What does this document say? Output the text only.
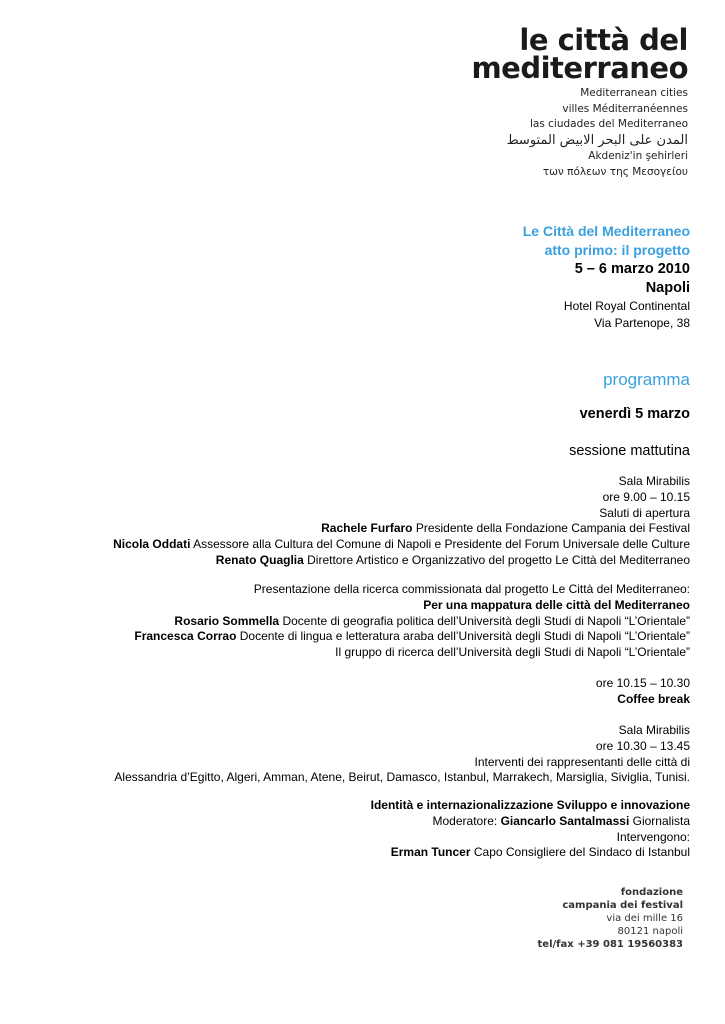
le città del
mediterraneo
Mediterranean cities
villes Méditerranéennes
las ciudades del Mediterraneo
المدن على البحر الابيض المتوسط
Akdeniz'in şehirleri
των πόλεων της Μεσογείου
Le Città del Mediterraneo
atto primo: il progetto
5 – 6 marzo 2010
Napoli
Hotel Royal Continental
Via Partenope, 38
programma
venerdì 5 marzo
sessione mattutina
Sala Mirabilis
ore 9.00 – 10.15
Saluti di apertura
Rachele Furfaro Presidente della Fondazione Campania dei Festival
Nicola Oddati Assessore alla Cultura del Comune di Napoli e Presidente del Forum Universale delle Culture
Renato Quaglia Direttore Artistico e Organizzativo del progetto Le Città del Mediterraneo
Presentazione della ricerca commissionata dal progetto Le Città del Mediterraneo:
Per una mappatura delle città del Mediterraneo
Rosario Sommella Docente di geografia politica dell’Università degli Studi di Napoli “L’Orientale”
Francesca Corrao Docente di lingua e letteratura araba dell’Università degli Studi di Napoli “L’Orientale”
Il gruppo di ricerca dell’Università degli Studi di Napoli “L’Orientale”
ore 10.15 – 10.30
Coffee break
Sala Mirabilis
ore 10.30 – 13.45
Interventi dei rappresentanti delle città di
Alessandria d’Egitto, Algeri, Amman, Atene, Beirut, Damasco, Istanbul, Marrakech, Marsiglia, Siviglia, Tunisi.
Identità e internazionalizzazione Sviluppo e innovazione
Moderatore: Giancarlo Santalmassi Giornalista
Intervengono:
Erman Tuncer Capo Consigliere del Sindaco di Istanbul
fondazione
campania dei festival
via dei mille 16
80121 napoli
tel/fax +39 081 19560383
